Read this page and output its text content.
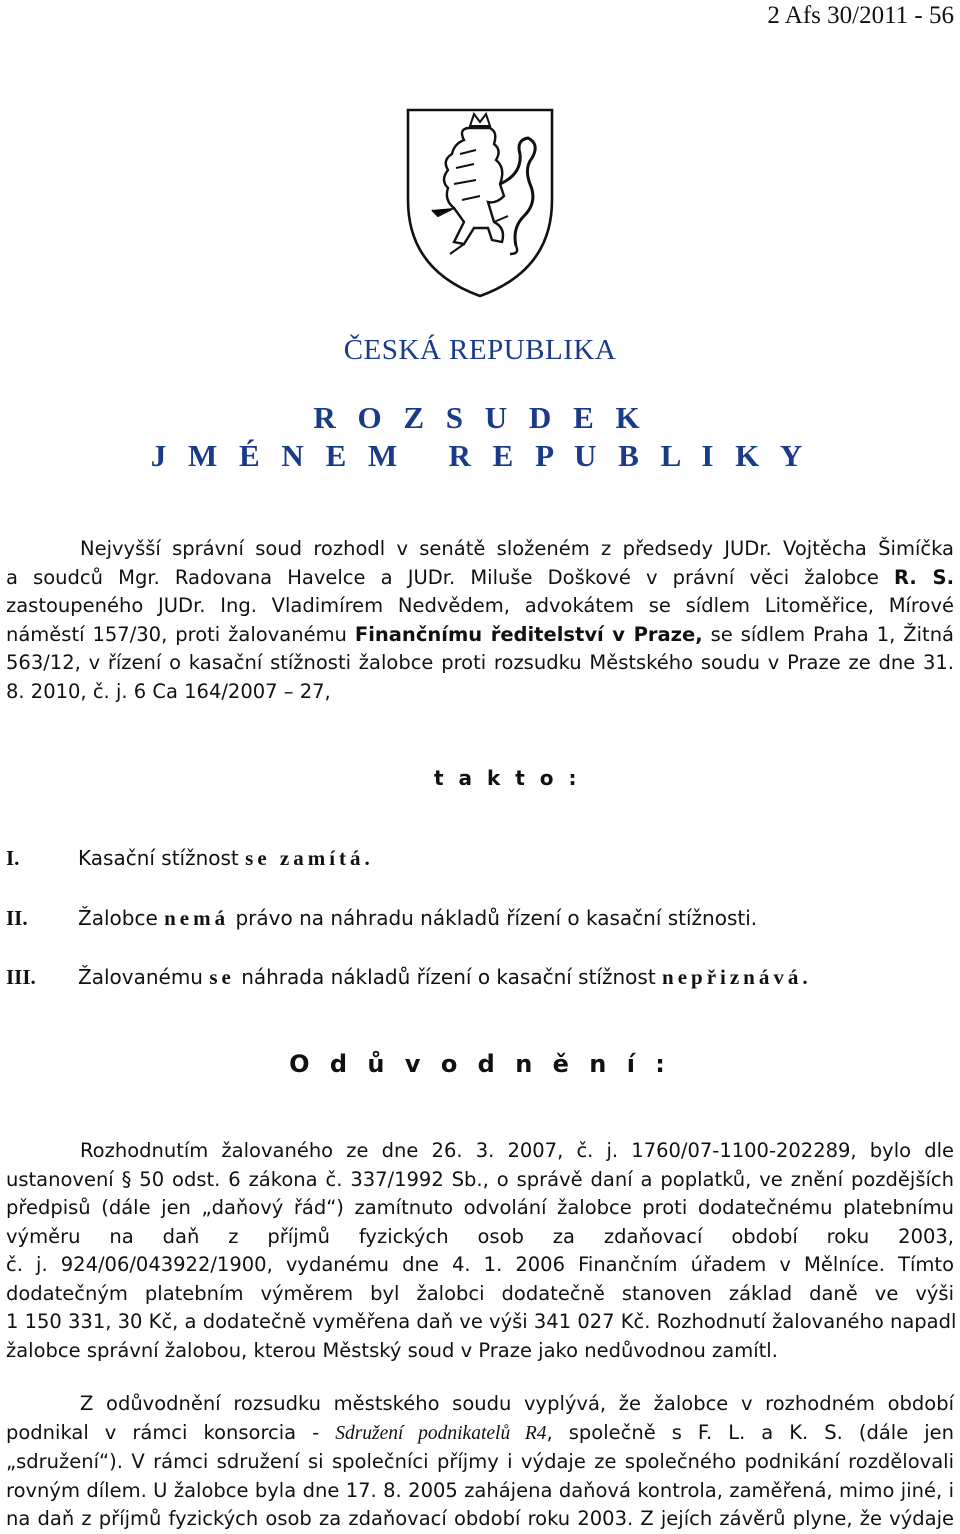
2 Afs 30/2011 - 56
ČESKÁ REPUBLIKA
R O Z S U D E K
J M É N E M   R E P U B L I K Y
Nejvyšší správní soud rozhodl v senátě složeném z předsedy JUDr. Vojtěcha Šimíčka
a soudců Mgr. Radovana Havelce a JUDr. Miluše Doškové v právní věci žalobce R. S.
zastoupeného JUDr. Ing. Vladimírem Nedvědem, advokátem se sídlem Litoměřice, Mírové
náměstí 157/30, proti žalovanému Finančnímu ředitelství v Praze, se sídlem Praha 1, Žitná
563/12, v řízení o kasační stížnosti žalobce proti rozsudku Městského soudu v Praze ze dne 31.
8. 2010, č. j. 6 Ca 164/2007 – 27,
t a k t o :
I.	Kasační stížnost se zamítá.
II.	Žalobce nemá právo na náhradu nákladů řízení o kasační stížnosti.
III. Žalovanému se náhrada nákladů řízení o kasační stížnost nepřiznává.
O d ů v o d n ě n í :
Rozhodnutím žalovaného ze dne 26. 3. 2007, č. j. 1760/07-1100-202289, bylo dle
ustanovení § 50 odst. 6 zákona č. 337/1992 Sb., o správě daní a poplatků, ve znění pozdějších
předpisů (dále jen „daňový řád“) zamítnuto odvolání žalobce proti dodatečnému platebnímu
výměru na daň z příjmů fyzických osob za zdaňovací období roku 2003,
č. j. 924/06/043922/1900, vydanému dne 4. 1. 2006 Finančním úřadem v Mělníce. Tímto
dodatečným platebním výměrem byl žalobci dodatečně stanoven základ daně ve výši
1 150 331, 30 Kč, a dodatečně vyměřena daň ve výši 341 027 Kč. Rozhodnutí žalovaného napadl
žalobce správní žalobou, kterou Městský soud v Praze jako nedůvodnou zamítl.
Z odůvodnění rozsudku městského soudu vyplývá, že žalobce v rozhodném období
podnikal v rámci konsorcia - Sdružení podnikatelů R4, společně s F. L. a K. S. (dále jen
„sdružení“). V rámci sdružení si společníci příjmy i výdaje ze společného podnikání rozdělovali
rovným dílem. U žalobce byla dne 17. 8. 2005 zahájena daňová kontrola, zaměřená, mimo jiné, i
na daň z příjmů fyzických osob za zdaňovací období roku 2003. Z jejích závěrů plyne, že výdaje
